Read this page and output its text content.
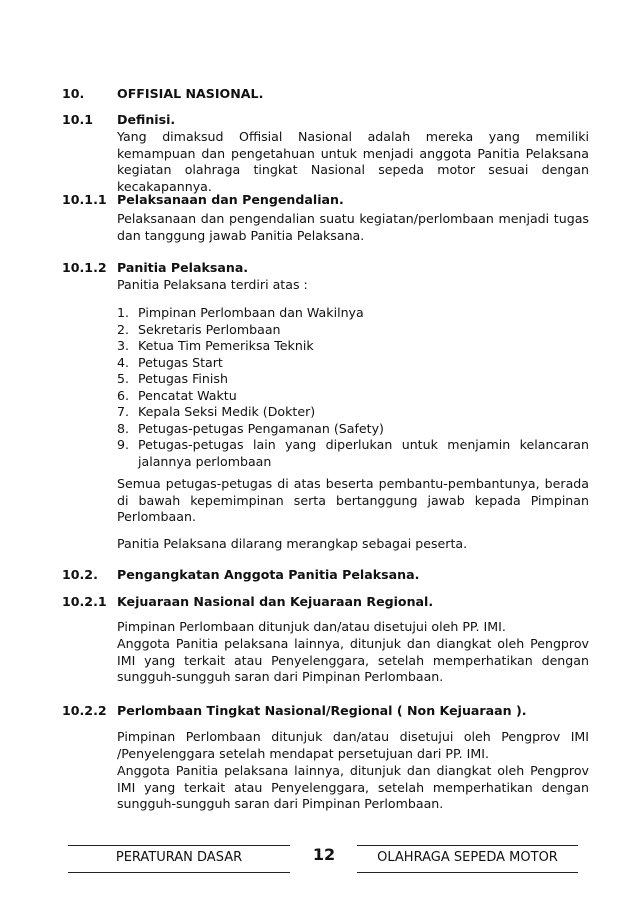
10.	OFFISIAL NASIONAL.
10.1 Definisi.
Yang dimaksud Offisial Nasional adalah mereka yang memiliki kemampuan dan pengetahuan untuk menjadi anggota Panitia Pelaksana kegiatan olahraga tingkat Nasional sepeda motor sesuai dengan kecakapannya.
10.1.1 Pelaksanaan dan Pengendalian.
Pelaksanaan dan pengendalian suatu kegiatan/perlombaan menjadi tugas dan tanggung jawab Panitia Pelaksana.
10.1.2 Panitia Pelaksana.
Panitia Pelaksana terdiri atas :
1. Pimpinan Perlombaan dan Wakilnya
2. Sekretaris Perlombaan
3. Ketua Tim Pemeriksa Teknik
4. Petugas Start
5. Petugas Finish
6. Pencatat Waktu
7. Kepala Seksi Medik (Dokter)
8. Petugas-petugas Pengamanan (Safety)
9. Petugas-petugas lain yang diperlukan untuk menjamin kelancaran jalannya perlombaan
Semua petugas-petugas di atas beserta pembantu-pembantunya, berada di bawah kepemimpinan serta bertanggung jawab kepada Pimpinan Perlombaan.
Panitia Pelaksana dilarang merangkap sebagai peserta.
10.2. Pengangkatan Anggota Panitia Pelaksana.
10.2.1 Kejuaraan Nasional dan Kejuaraan Regional.
Pimpinan Perlombaan ditunjuk dan/atau disetujui oleh PP. IMI.
Anggota Panitia pelaksana lainnya, ditunjuk dan diangkat oleh Pengprov IMI yang terkait atau Penyelenggara, setelah memperhatikan dengan sungguh-sungguh saran dari Pimpinan Perlombaan.
10.2.2 Perlombaan Tingkat Nasional/Regional ( Non Kejuaraan ).
Pimpinan Perlombaan ditunjuk dan/atau disetujui oleh Pengprov IMI /Penyelenggara setelah mendapat persetujuan dari PP. IMI.
Anggota Panitia pelaksana lainnya, ditunjuk dan diangkat oleh Pengprov IMI yang terkait atau Penyelenggara, setelah memperhatikan dengan sungguh-sungguh saran dari Pimpinan Perlombaan.
PERATURAN DASAR	12	OLAHRAGA SEPEDA MOTOR
